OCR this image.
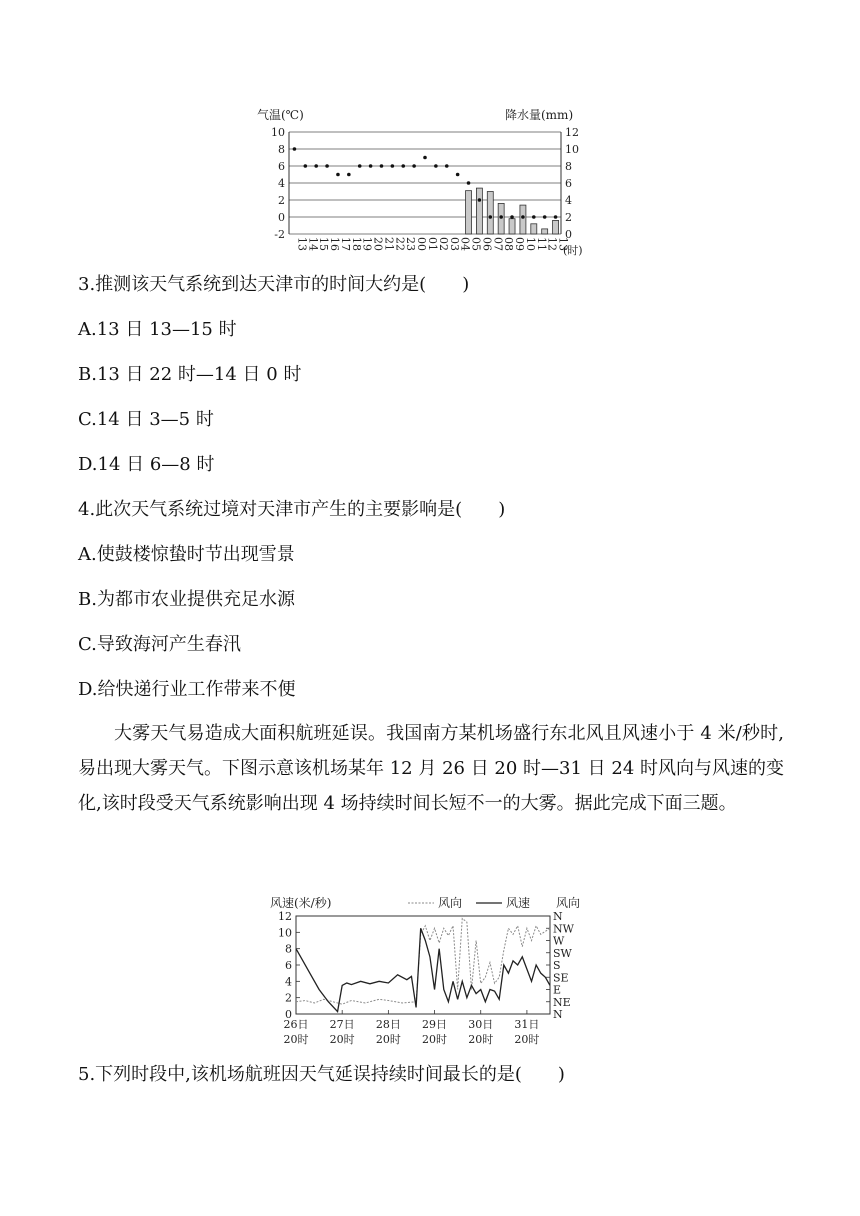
气温(℃)	降水量(mm)
10
8
6
4
2
0
-2
12
10
8
6
4
2
0
13
14
15
16
17
18
19
20
21
22
23
00
01
02
03
04
05
06
07
08
09
10
11
12
13
(时)
3.推测该天气系统到达天津市的时间大约是(　　)
A.13 日 13—15 时
B.13 日 22 时—14 日 0 时
C.14 日 3—5 时
D.14 日 6—8 时
4.此次天气系统过境对天津市产生的主要影响是(　　)
A.使鼓楼惊蛰时节出现雪景
B.为都市农业提供充足水源
C.导致海河产生春汛
D.给快递行业工作带来不便
大雾天气易造成大面积航班延误。我国南方某机场盛行东北风且风速小于 4 米/秒时,易出现大雾天气。下图示意该机场某年 12 月 26 日 20 时—31 日 24 时风向与风速的变化,该时段受天气系统影响出现 4 场持续时间长短不一的大雾。据此完成下面三题。
风速(米/秒)	风向
风向	风速
12
10
8
6
4
2
0
N
NW
W
SW
S
SE
E
NE
N
26日
20时
27日
20时
28日
20时
29日
20时
30日
20时
31日
20时
5.下列时段中,该机场航班因天气延误持续时间最长的是(　　)
